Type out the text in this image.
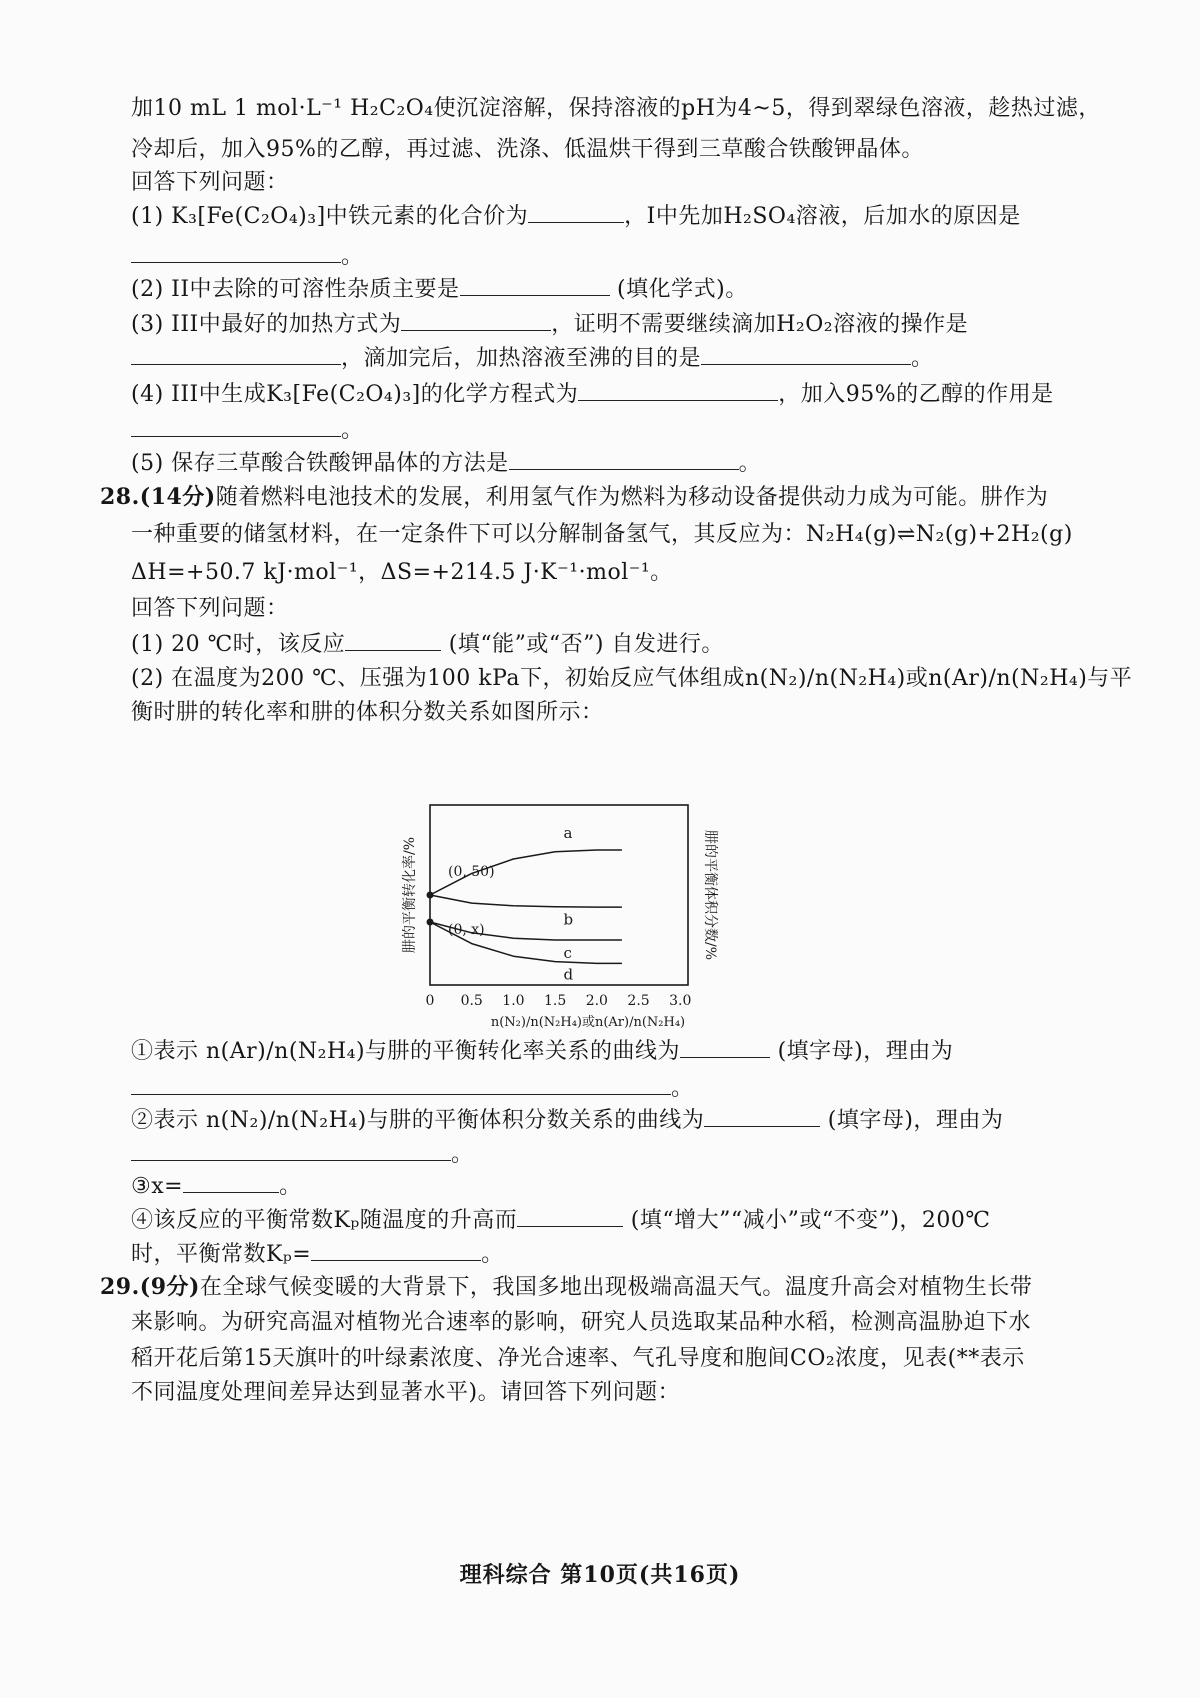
加10 mL 1 mol·L⁻¹ H₂C₂O₄使沉淀溶解，保持溶液的pH为4~5，得到翠绿色溶液，趁热过滤，
冷却后，加入95%的乙醇，再过滤、洗涤、低温烘干得到三草酸合铁酸钾晶体。
回答下列问题：
(1) K₃[Fe(C₂O₄)₃]中铁元素的化合价为	，I中先加H₂SO₄溶液，后加水的原因是
。
(2) II中去除的可溶性杂质主要是	(填化学式)。
(3) III中最好的加热方式为	，证明不需要继续滴加H₂O₂溶液的操作是
，滴加完后，加热溶液至沸的目的是	。
(4) III中生成K₃[Fe(C₂O₄)₃]的化学方程式为	，加入95%的乙醇的作用是
。
(5) 保存三草酸合铁酸钾晶体的方法是	。
28.(14分)随着燃料电池技术的发展，利用氢气作为燃料为移动设备提供动力成为可能。肼作为
一种重要的储氢材料，在一定条件下可以分解制备氢气，其反应为：N₂H₄(g)⇌N₂(g)+2H₂(g)
ΔH=+50.7 kJ·mol⁻¹，ΔS=+214.5 J·K⁻¹·mol⁻¹。
回答下列问题：
(1) 20 ℃时，该反应	(填“能”或“否”) 自发进行。
(2) 在温度为200 ℃、压强为100 kPa下，初始反应气体组成n(N₂)/n(N₂H₄)或n(Ar)/n(N₂H₄)与平
衡时肼的转化率和肼的体积分数关系如图所示：
肼的平衡转化率/%	肼的平衡体积分数/%
0 0.5 1.0 1.5 2.0 2.5 3.0
a
b
c
d
(0, 50)
(0, x)
n(N₂)/n(N₂H₄)或n(Ar)/n(N₂H₄)
①表示 n(Ar)/n(N₂H₄)与肼的平衡转化率关系的曲线为	(填字母)，理由为
。
②表示 n(N₂)/n(N₂H₄)与肼的平衡体积分数关系的曲线为	(填字母)，理由为
。
③x=	。
④该反应的平衡常数Kₚ随温度的升高而	(填“增大”“减小”或“不变”)，200℃
时，平衡常数Kₚ=	。
29.(9分)在全球气候变暖的大背景下，我国多地出现极端高温天气。温度升高会对植物生长带
来影响。为研究高温对植物光合速率的影响，研究人员选取某品种水稻，检测高温胁迫下水
稻开花后第15天旗叶的叶绿素浓度、净光合速率、气孔导度和胞间CO₂浓度，见表(**表示
不同温度处理间差异达到显著水平)。请回答下列问题：
理科综合 第10页(共16页)
